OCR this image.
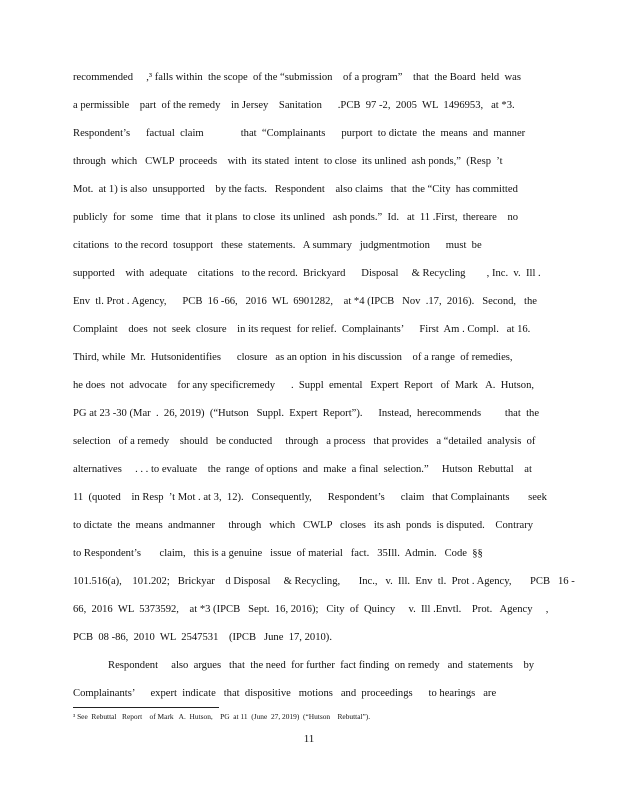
recommended     ,³ falls within  the scope  of the “submission    of a program”    that  the Board  held  was
a permissible    part  of the remedy    in Jersey    Sanitation      .PCB  97 -2,  2005  WL  1496953,   at *3.
Respondent’s      factual  claim              that  “Complainants      purport  to dictate  the  means  and  manner
through  which   CWLP  proceeds    with  its stated  intent  to close  its unlined  ash ponds,”  (Resp  ’t
Mot.  at 1) is also  unsupported    by the facts.   Respondent    also claims   that  the “City  has committed
publicly  for  some   time  that  it plans  to close  its unlined   ash ponds.”  Id.   at  11 .First,  thereare    no
citations  to the record  tosupport   these  statements.   A summary   judgmentmotion      must  be
supported    with  adequate    citations   to the record.  Brickyard      Disposal     & Recycling        , Inc.  v.  Ill .
Env  tl. Prot . Agency,      PCB  16 -66,   2016  WL  6901282,    at *4 (IPCB   Nov  .17,  2016).   Second,   the
Complaint    does  not  seek  closure    in its request  for relief.  Complainants’      First  Am . Compl.   at 16.
Third, while  Mr.  Hutsonidentifies      closure   as an option  in his discussion    of a range  of remedies,
he does  not  advocate    for any specificremedy      .  Suppl  emental   Expert  Report   of  Mark   A.  Hutson,
PG at 23 -30 (Mar  .  26, 2019)  (“Hutson   Suppl.  Expert  Report”).      Instead,  herecommends         that  the
selection   of a remedy    should   be conducted     through   a process   that provides   a “detailed  analysis  of
alternatives     . . . to evaluate    the  range  of options  and  make  a final  selection.”     Hutson  Rebuttal    at
11  (quoted    in Resp  ’t Mot . at 3,  12).   Consequently,      Respondent’s      claim   that Complainants       seek
to dictate  the  means  andmanner     through   which   CWLP   closes   its ash  ponds  is disputed.    Contrary
to Respondent’s       claim,   this is a genuine   issue  of material   fact.   35Ill.  Admin.   Code  §§
101.516(a),    101.202;   Brickyar    d Disposal     & Recycling,       Inc.,   v.  Ill.  Env  tl.  Prot . Agency,       PCB   16 -
66,  2016  WL  5373592,    at *3 (IPCB   Sept.  16, 2016);   City  of  Quincy     v.  Ill .Envtl.    Prot.   Agency     ,
PCB  08 -86,  2010  WL  2547531    (IPCB   June  17, 2010).
Respondent     also  argues   that  the need  for further  fact finding  on remedy   and  statements    by
Complainants’      expert  indicate   that  dispositive   motions   and  proceedings      to hearings   are
³ See  Rebuttal   Report    of Mark   A.  Hutson,    PG  at 11  (June  27, 2019)  (“Hutson    Rebuttal”).
11
